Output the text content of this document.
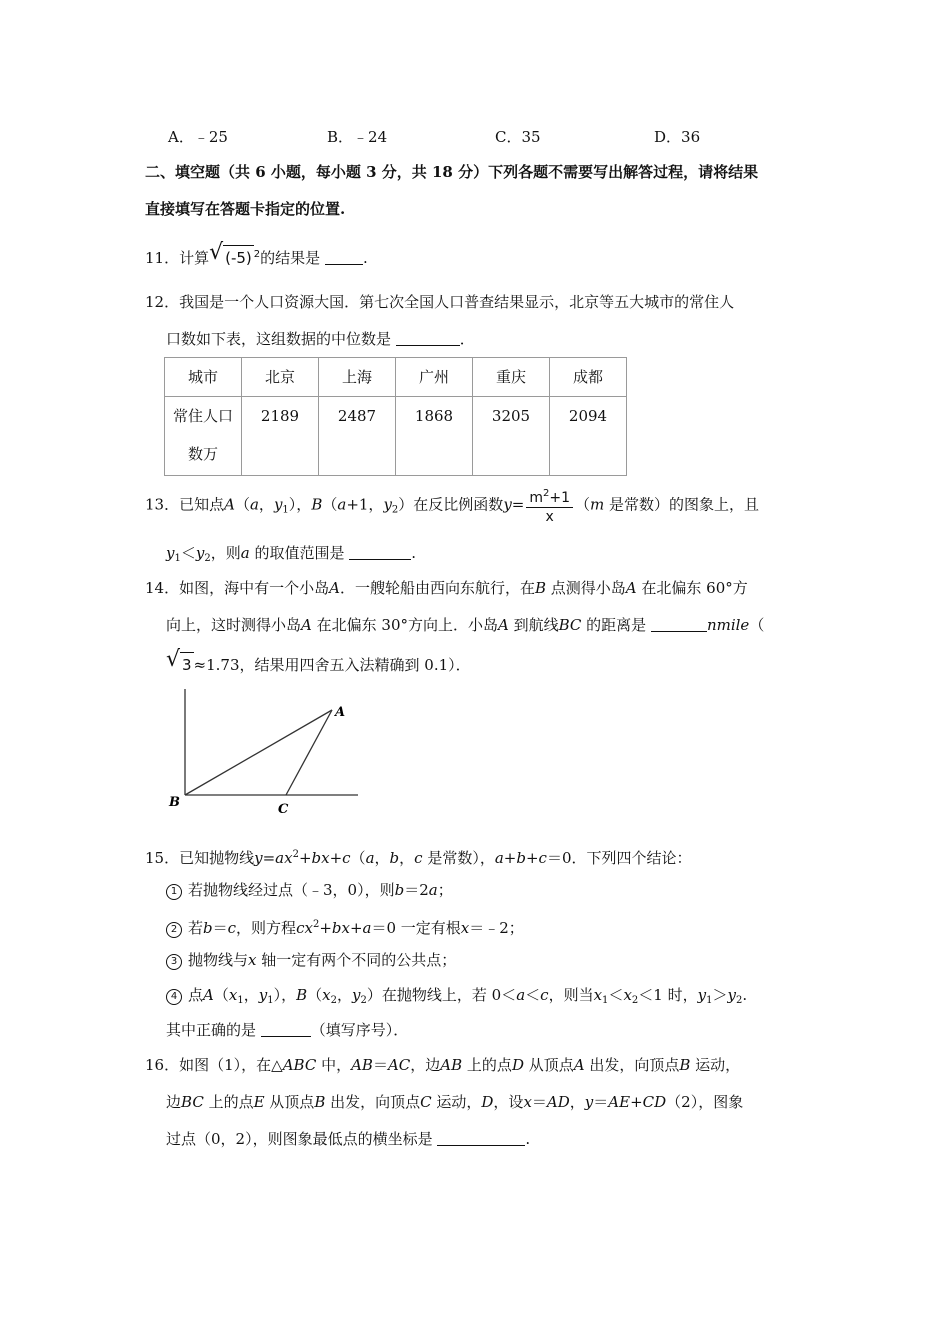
A．﹣25	B．﹣24	C．35	D．36
二、填空题（共 6 小题，每小题 3 分，共 18 分）下列各题不需要写出解答过程，请将结果
直接填写在答题卡指定的位置.
11．计算 √ (-5) $^2$的结果是	.
12．我国是一个人口资源大国．第七次全国人口普查结果显示，北京等五大城市的常住人
口数如下表，这组数据的中位数是	．
城市	北京	上海	广州	重庆	成都

常住人口
数万	2189	2487	1868	3205	2094
13．已知点A（a，$y_1$），B（a+1，$y_2$）在反比例函数$y= \frac{m^2+1}{x} (m$ 是常数）的图象上，且
$y_1<y_2$，则a 的取值范围是	.
14．如图，海中有一个小岛A．一艘轮船由西向东航行，在B 点测得小岛A 在北偏东 60°方
向上，这时测得小岛A 在北偏东 30°方向上．小岛A 到航线BC 的距离是	nmile（
√ 3 ≈1.73，结果用四舍五入法精确到 0.1）．
A
B	C
15．已知抛物线$y=ax^2+bx+c(a$，b，c 是常数），a+b+c＝0．下列四个结论：
1 若抛物线经过点（﹣3，0），则b＝2a；
2 若b＝c，则方程$cx^2+bx+a=0$ 一定有根x＝﹣2；
3 抛物线与x 轴一定有两个不同的公共点；
4 点$A(x_1$，$y_1$），$B(x_2$，$y_2$）在抛物线上，若 0＜a＜c，则当$x_1<x_2<1$ 时，$y_1>y_2$.
其中正确的是	（填写序号）．
16．如图（1），在△ABC 中，AB＝AC，边AB 上的点D 从顶点A 出发，向顶点B 运动，
边BC 上的点E 从顶点B 出发，向顶点C 运动，D，设x＝AD，y＝AE+CD（2），图象
过点（0，2），则图象最低点的横坐标是	.
